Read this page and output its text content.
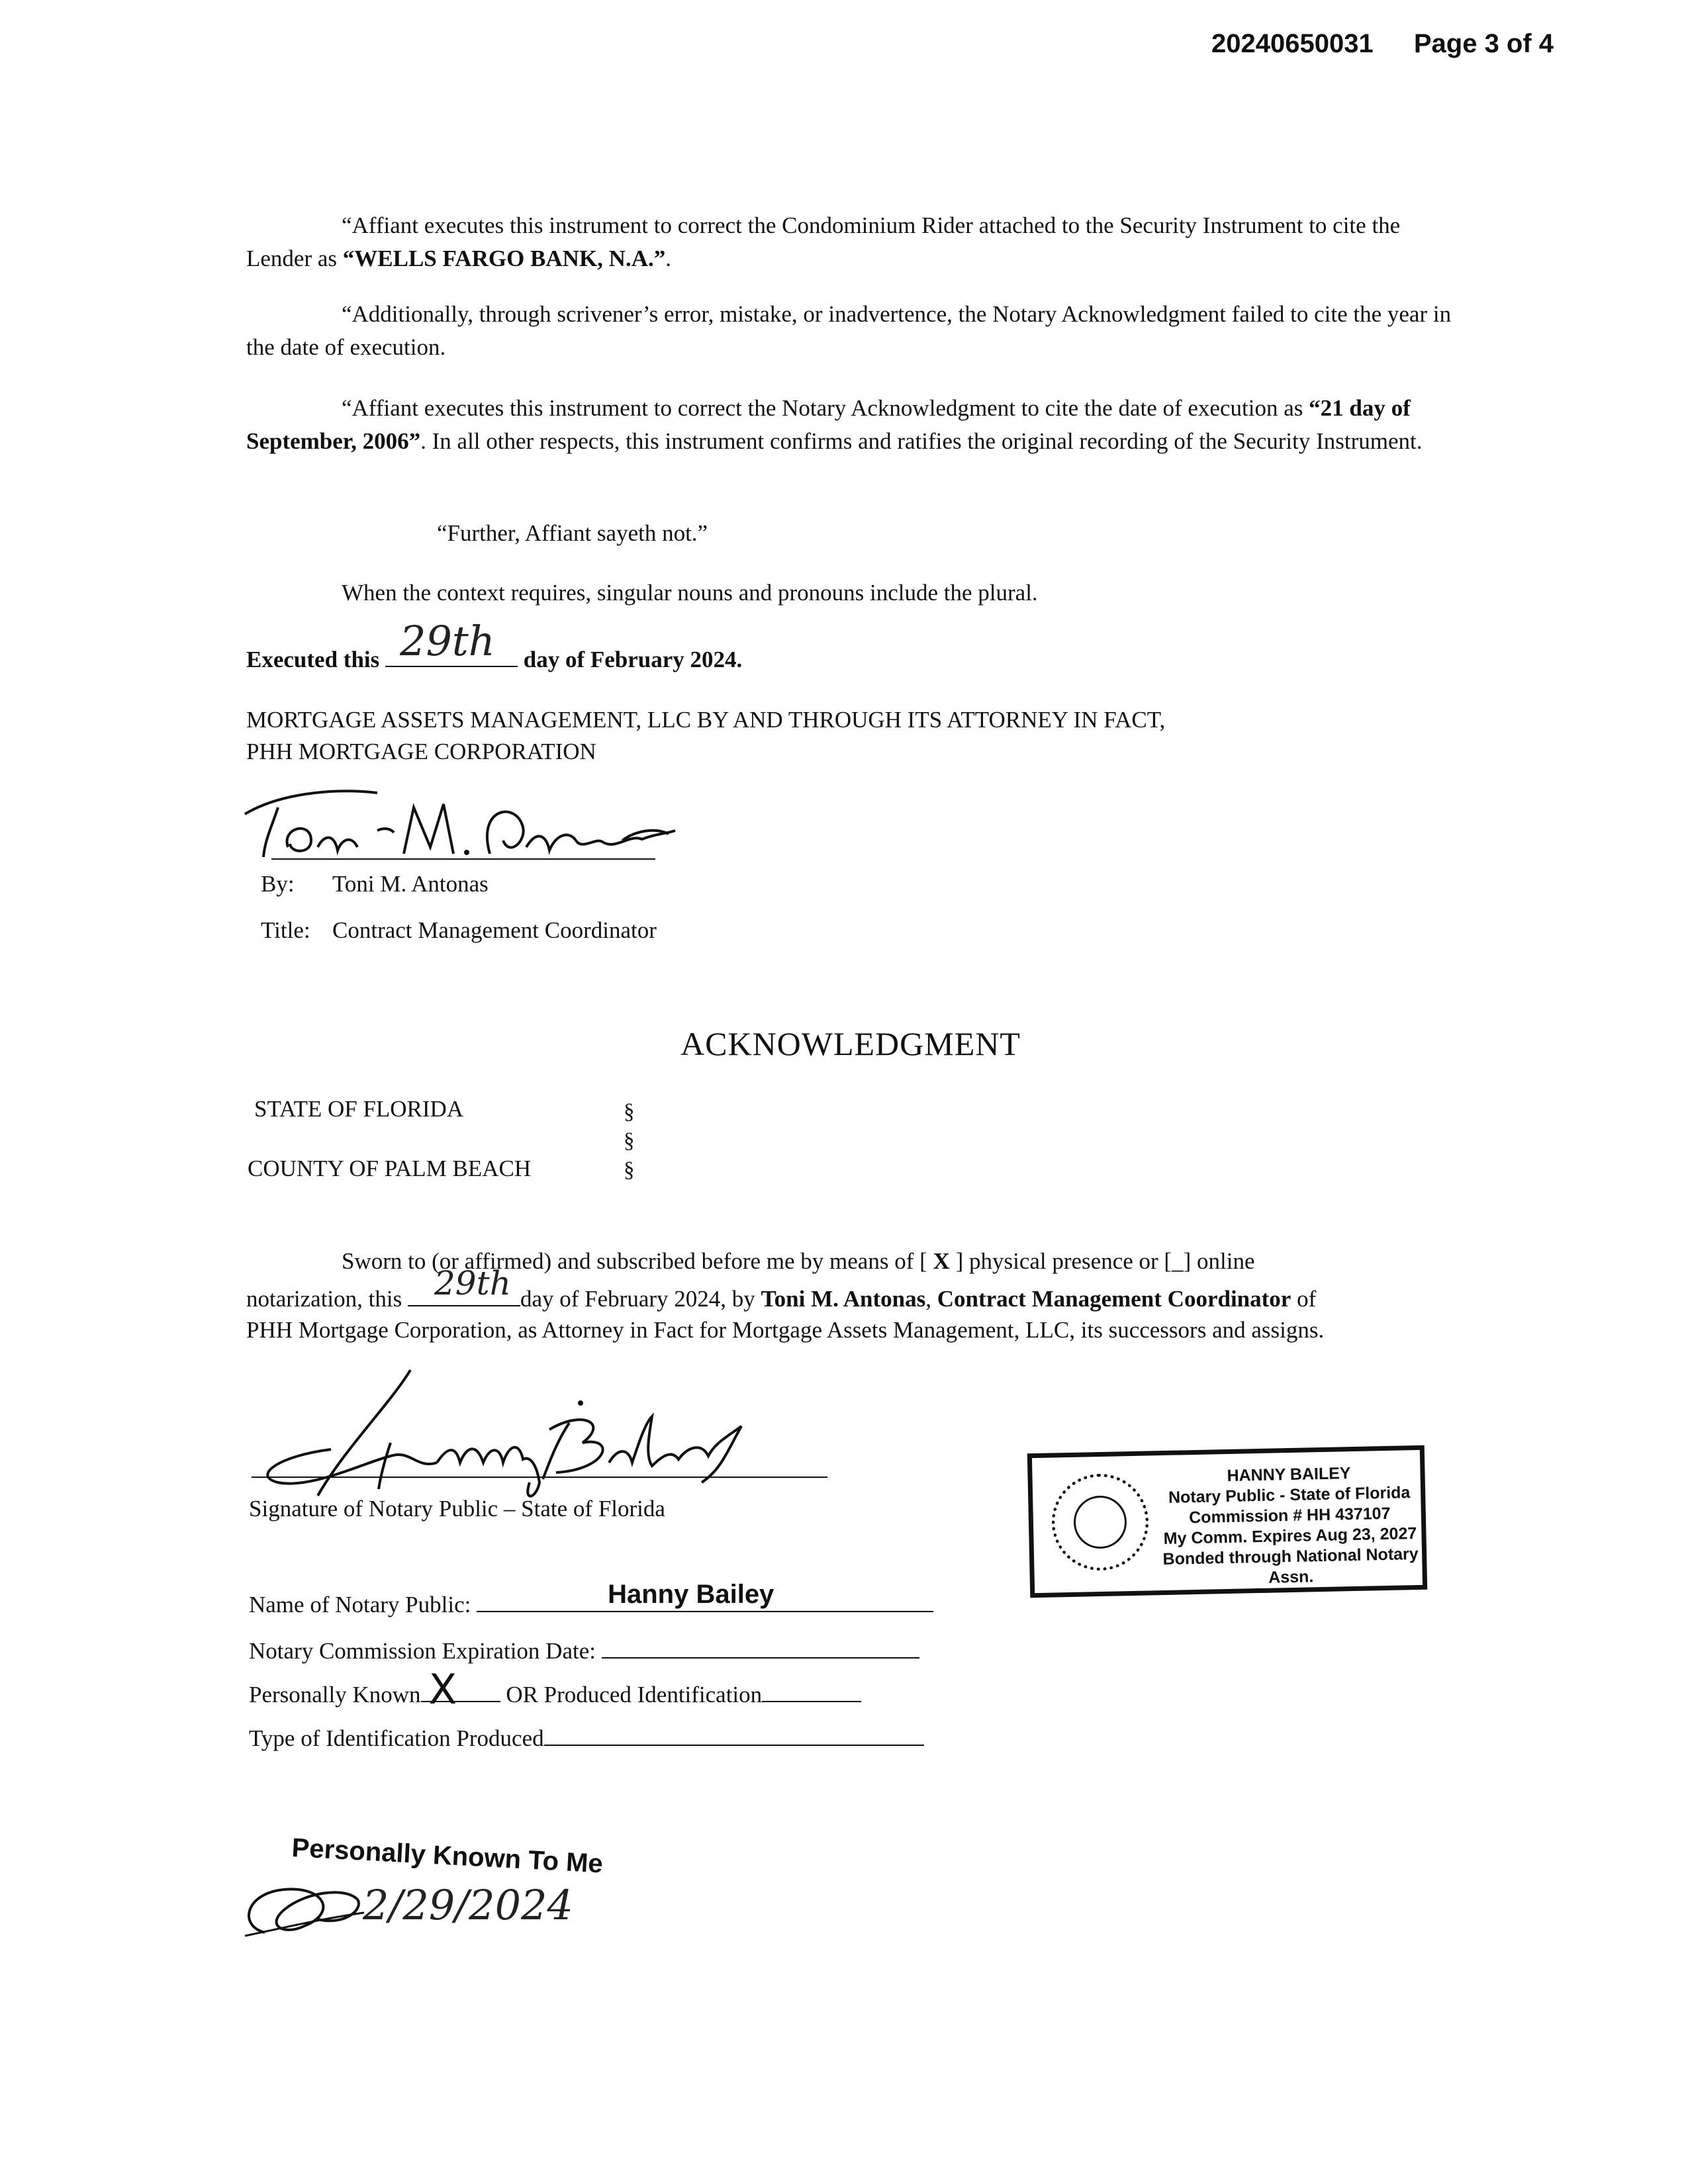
20240650031 Page 3 of 4
“Affiant executes this instrument to correct the Condominium Rider attached to the Security Instrument to cite the Lender as “WELLS FARGO BANK, N.A.”.
“Additionally, through scrivener’s error, mistake, or inadvertence, the Notary Acknowledgment failed to cite the year in the date of execution.
“Affiant executes this instrument to correct the Notary Acknowledgment to cite the date of execution as “21 day of September, 2006”. In all other respects, this instrument confirms and ratifies the original recording of the Security Instrument.
“Further, Affiant sayeth not.”
When the context requires, singular nouns and pronouns include the plural.
Executed this 29th day of February 2024.
MORTGAGE ASSETS MANAGEMENT, LLC BY AND THROUGH ITS ATTORNEY IN FACT,
PHH MORTGAGE CORPORATION
By: Toni M. Antonas
Title: Contract Management Coordinator
ACKNOWLEDGMENT
STATE OF FLORIDA
COUNTY OF PALM BEACH
§
§
§
Sworn to (or affirmed) and subscribed before me by means of [ X ] physical presence or [_] online
notarization, this 29th day of February 2024, by Toni M. Antonas, Contract Management Coordinator of
PHH Mortgage Corporation, as Attorney in Fact for Mortgage Assets Management, LLC, its successors and assigns.
Signature of Notary Public – State of Florida
HANNY BAILEY
Notary Public - State of Florida
Commission # HH 437107
My Comm. Expires Aug 23, 2027
Bonded through National Notary Assn.
Name of Notary Public:	Hanny Bailey
Notary Commission Expiration Date:
Personally Known X OR Produced Identification
Type of Identification Produced
Personally Known To Me
2/29/2024
